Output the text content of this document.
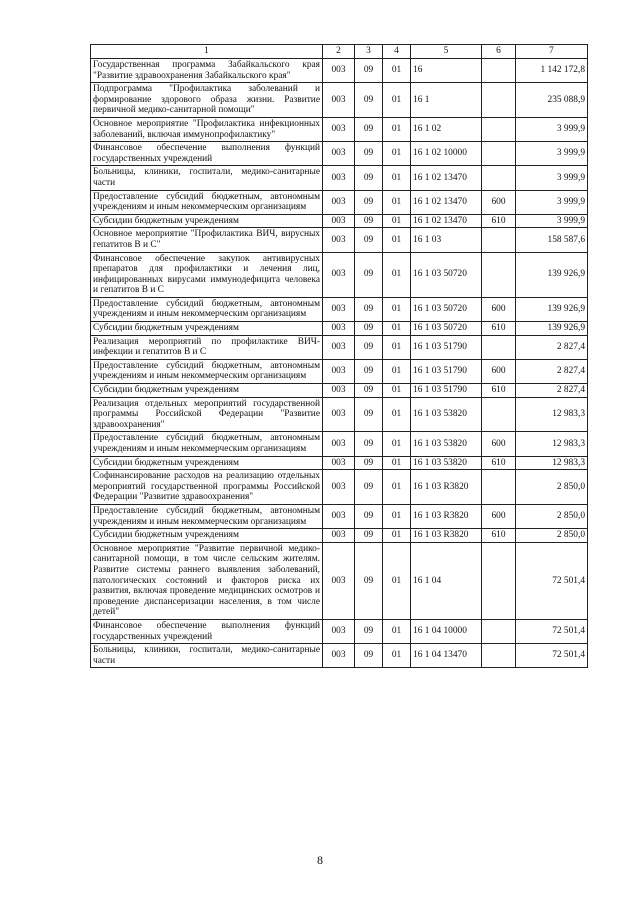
1	2	3	4	5	6	7
Государственная программа Забайкальского края "Развитие здравоохранения Забайкальского края"	003	09	01	16		1 142 172,8
Подпрограмма "Профилактика заболеваний и формирование здорового образа жизни. Развитие первичной медико-санитарной помощи"	003	09	01	16 1		235 088,9
Основное мероприятие "Профилактика инфекционных заболеваний, включая иммунопрофилактику"	003	09	01	16 1 02		3 999,9
Финансовое обеспечение выполнения функций государственных учреждений	003	09	01	16 1 02 10000		3 999,9
Больницы, клиники, госпитали, медико-санитарные части	003	09	01	16 1 02 13470		3 999,9
Предоставление субсидий бюджетным, автономным учреждениям и иным некоммерческим организациям	003	09	01	16 1 02 13470	600	3 999,9
Субсидии бюджетным учреждениям	003	09	01	16 1 02 13470	610	3 999,9
Основное мероприятие "Профилактика ВИЧ, вирусных гепатитов В и С"	003	09	01	16 1 03		158 587,6
Финансовое обеспечение закупок антивирусных препаратов для профилактики и лечения лиц, инфицированных вирусами иммунодефицита человека и гепатитов В и С	003	09	01	16 1 03 50720		139 926,9
Предоставление субсидий бюджетным, автономным учреждениям и иным некоммерческим организациям	003	09	01	16 1 03 50720	600	139 926,9
Субсидии бюджетным учреждениям	003	09	01	16 1 03 50720	610	139 926,9
Реализация мероприятий по профилактике ВИЧ-инфекции и гепатитов В и С	003	09	01	16 1 03 51790		2 827,4
Предоставление субсидий бюджетным, автономным учреждениям и иным некоммерческим организациям	003	09	01	16 1 03 51790	600	2 827,4
Субсидии бюджетным учреждениям	003	09	01	16 1 03 51790	610	2 827,4
Реализация отдельных мероприятий государственной программы Российской Федерации "Развитие здравоохранения"	003	09	01	16 1 03 53820		12 983,3
Предоставление субсидий бюджетным, автономным учреждениям и иным некоммерческим организациям	003	09	01	16 1 03 53820	600	12 983,3
Субсидии бюджетным учреждениям	003	09	01	16 1 03 53820	610	12 983,3
Софинансирование расходов на реализацию отдельных мероприятий государственной программы Российской Федерации "Развитие здравоохранения"	003	09	01	16 1 03 R3820		2 850,0
Предоставление субсидий бюджетным, автономным учреждениям и иным некоммерческим организациям	003	09	01	16 1 03 R3820	600	2 850,0
Субсидии бюджетным учреждениям	003	09	01	16 1 03 R3820	610	2 850,0
Основное мероприятие "Развитие первичной медико-санитарной помощи, в том числе сельским жителям. Развитие системы раннего выявления заболеваний, патологических состояний и факторов риска их развития, включая проведение медицинских осмотров и проведение диспансеризации населения, в том числе детей"	003	09	01	16 1 04		72 501,4
Финансовое обеспечение выполнения функций государственных учреждений	003	09	01	16 1 04 10000		72 501,4
Больницы, клиники, госпитали, медико-санитарные части	003	09	01	16 1 04 13470		72 501,4
8
